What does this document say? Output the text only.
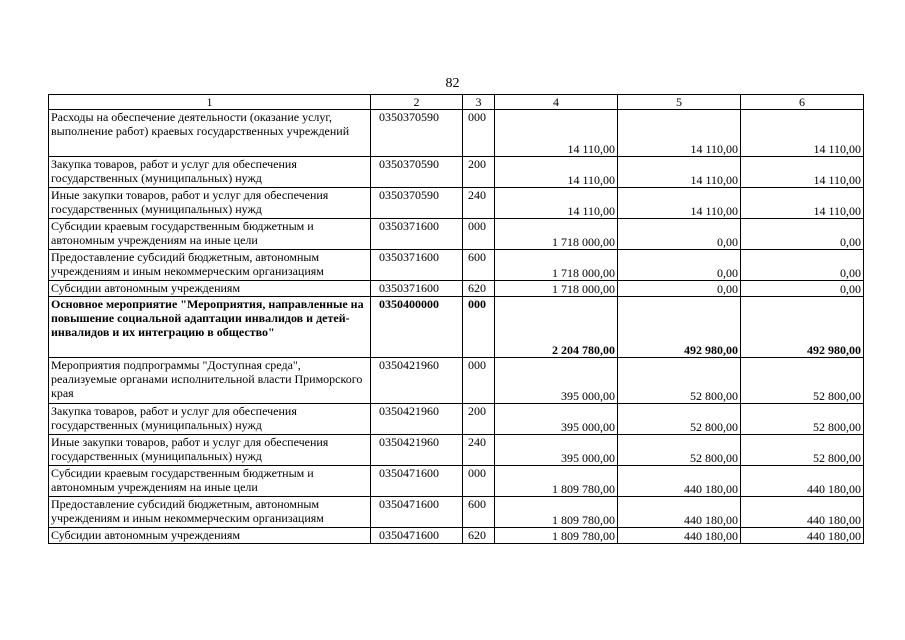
82
1	2	3	4	5	6
Расходы на обеспечение деятельности (оказание услуг, выполнение работ) краевых государственных учреждений	0350370590	000	14 110,00	14 110,00	14 110,00
Закупка товаров, работ и услуг для обеспечения государственных (муниципальных) нужд	0350370590	200	14 110,00	14 110,00	14 110,00
Иные закупки товаров, работ и услуг для обеспечения государственных (муниципальных) нужд	0350370590	240	14 110,00	14 110,00	14 110,00
Субсидии краевым государственным бюджетным и автономным учреждениям на иные цели	0350371600	000	1 718 000,00	0,00	0,00
Предоставление субсидий бюджетным, автономным учреждениям и иным некоммерческим организациям	0350371600	600	1 718 000,00	0,00	0,00
Субсидии автономным учреждениям	0350371600	620	1 718 000,00	0,00	0,00
Основное мероприятие "Мероприятия, направленные на повышение социальной адаптации инвалидов и детей-инвалидов и их интеграцию в общество"	0350400000	000	2 204 780,00	492 980,00	492 980,00
Мероприятия подпрограммы "Доступная среда", реализуемые органами исполнительной власти Приморского края	0350421960	000	395 000,00	52 800,00	52 800,00
Закупка товаров, работ и услуг для обеспечения государственных (муниципальных) нужд	0350421960	200	395 000,00	52 800,00	52 800,00
Иные закупки товаров, работ и услуг для обеспечения государственных (муниципальных) нужд	0350421960	240	395 000,00	52 800,00	52 800,00
Субсидии краевым государственным бюджетным и автономным учреждениям на иные цели	0350471600	000	1 809 780,00	440 180,00	440 180,00
Предоставление субсидий бюджетным, автономным учреждениям и иным некоммерческим организациям	0350471600	600	1 809 780,00	440 180,00	440 180,00
Субсидии автономным учреждениям	0350471600	620	1 809 780,00	440 180,00	440 180,00
